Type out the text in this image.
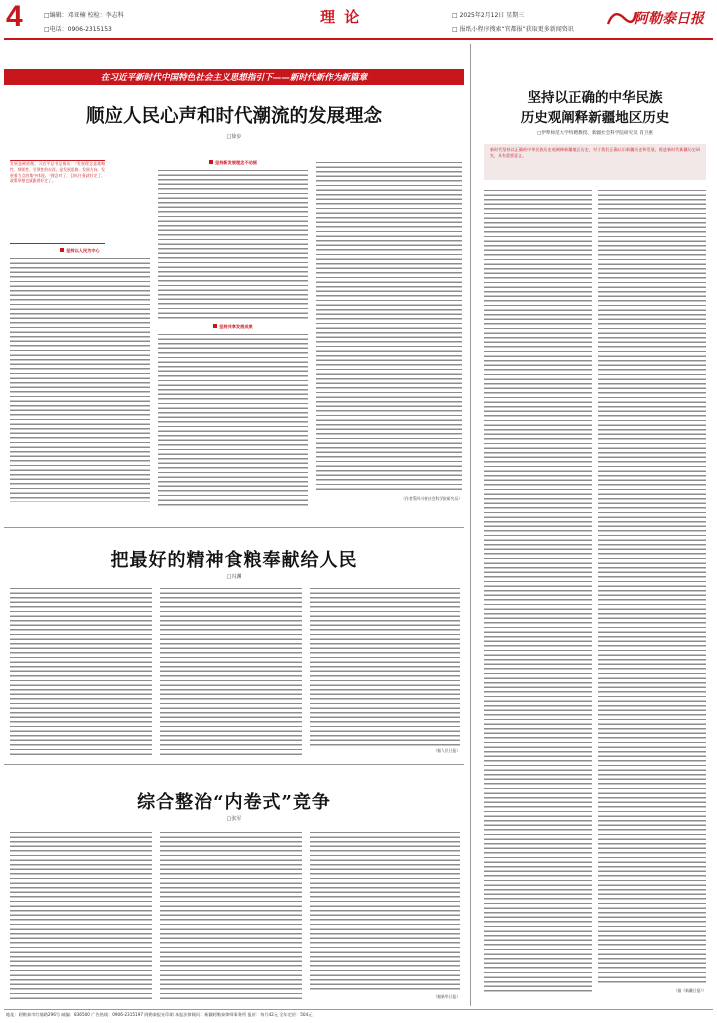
4	□编辑：邓亚楠 校检：李志科
□电话：0906-2315153
理 论	□ 2025年2月12日 星期三
□ 报纸小程序搜索“官都报”获取更多新闻资讯
阿勒泰日报
在习近平新时代中国特色社会主义思想指引下——新时代新作为新篇章
顺应人民心声和时代潮流的发展理念
□徐步
发展是硬道理。习近平总书记指出：“发展理念是战略性、纲领性、引领性的东西，是发展思路、发展方向、发展着力点的集中体现。”理念对了，目标任务就好定了，政策举措也就跟着好定了。
坚持以人民为中心
坚持新发展理念不动摇
坚持共享发展成果
（作者系四川省社会科学院研究员）
把最好的精神食粮奉献给人民
□冯渊
（据人民日报）
综合整治“内卷式”竞争
□张军
（据新华日报）
坚持以正确的中华民族
历史观阐释新疆地区历史
□伊犁师范大学特聘教授、新疆社会科学院研究员 肖卫惠
新时代坚持以正确的中华民族历史观阐释新疆地区历史，对于我们正确认识新疆历史和发展，推进新时代新疆历史研究，具有重要意义。
（据《新疆日报》）
地址：阿勒泰市红墙路296号 邮编：836500 广告热线：0906-2315197 阿勒泰报社印刷 本报法律顾问：新疆阿勒泰律师事务所 报价：每月42元 全年定价：504元
